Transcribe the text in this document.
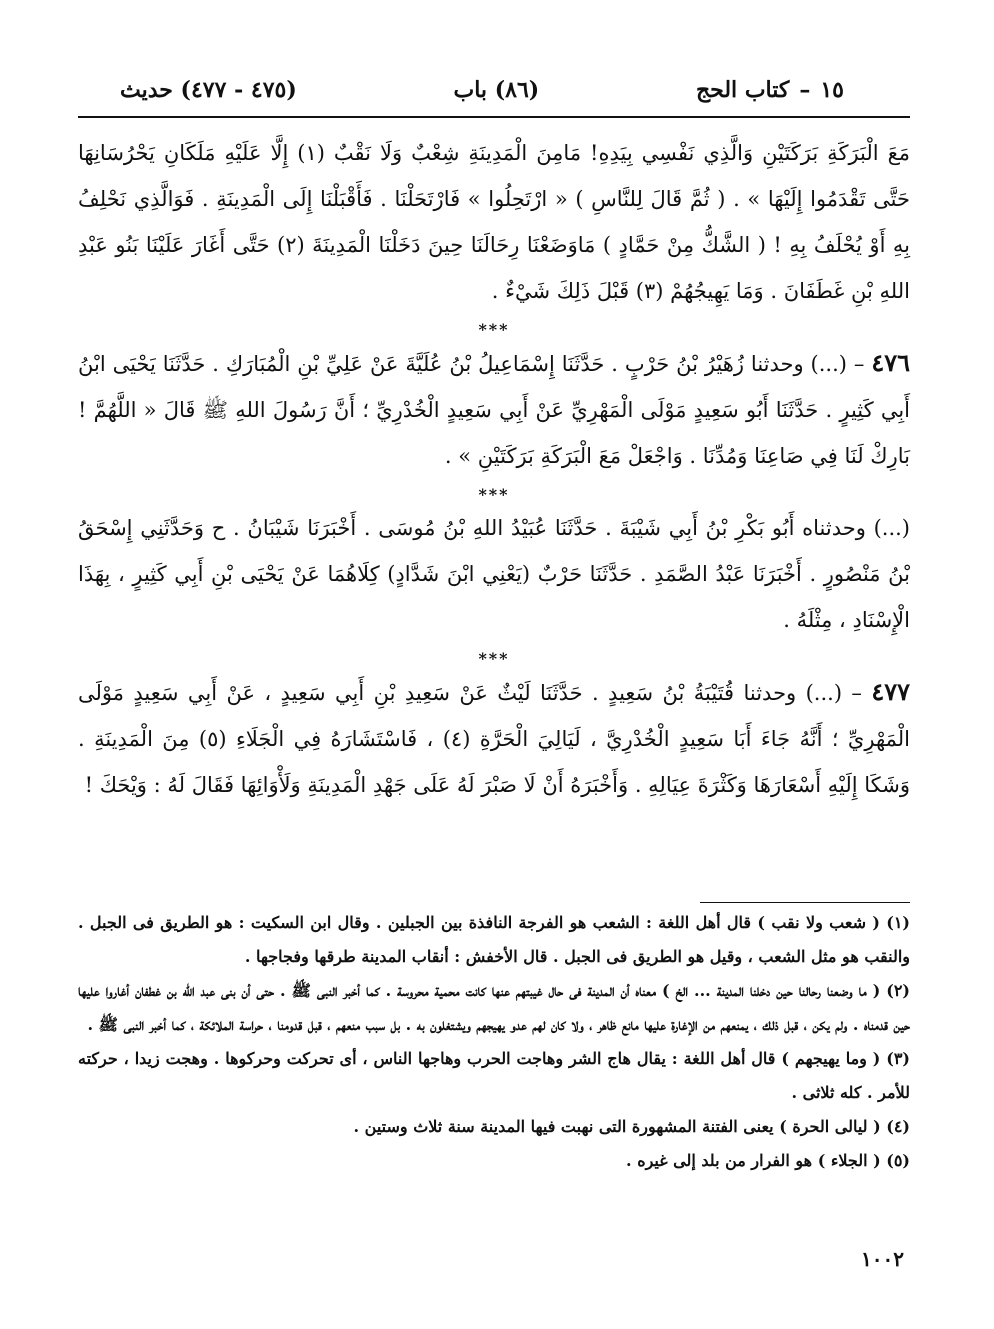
١٥
–
كتاب الحج
(٨٦) باب
(٤٧٥ - ٤٧٧) حديث

مَعَ الْبَرَكَةِ بَرَكَتَيْنِ وَالَّذِي نَفْسِي بِيَدِهِ! مَامِنَ الْمَدِينَةِ شِعْبٌ وَلَا نَقْبٌ (١) إِلَّا عَلَيْهِ مَلَكَانِ يَحْرُسَانِهَا حَتَّى تَقْدَمُوا إِلَيْهَا » . ( ثُمَّ قَالَ لِلنَّاسِ ) « ارْتَحِلُوا » فَارْتَحَلْنَا . فَأَقْبَلْنَا إِلَى الْمَدِينَةِ . فَوَالَّذِي نَحْلِفُ بِهِ أَوْ يُحْلَفُ بِهِ ! ( الشَّكُّ مِنْ حَمَّادٍ ) مَاوَضَعْنَا رِحَالَنَا حِينَ دَخَلْنَا الْمَدِينَةَ (٢) حَتَّى أَغَارَ عَلَيْنَا بَنُو عَبْدِ اللهِ بْنِ غَطَفَانَ . وَمَا يَهِيجُهُمْ (٣) قَبْلَ ذَلِكَ شَيْءٌ .

***

٤٧٦ – (...) وحدثنا زُهَيْرُ بْنُ حَرْبٍ . حَدَّثَنَا إِسْمَاعِيلُ بْنُ عُلَيَّةَ عَنْ عَلِيِّ بْنِ الْمُبَارَكِ . حَدَّثَنَا يَحْيَى ابْنُ أَبِي كَثِيرٍ . حَدَّثَنَا أَبُو سَعِيدٍ مَوْلَى الْمَهْرِيِّ عَنْ أَبِي سَعِيدٍ الْخُدْرِيِّ ؛ أَنَّ رَسُولَ اللهِ ﷺ قَالَ « اللَّهُمَّ ! بَارِكْ لَنَا فِي صَاعِنَا وَمُدِّنَا . وَاجْعَلْ مَعَ الْبَرَكَةِ بَرَكَتَيْنِ » .

***

(...) وحدثناه أَبُو بَكْرِ بْنُ أَبِي شَيْبَةَ . حَدَّثَنَا عُبَيْدُ اللهِ بْنُ مُوسَى . أَخْبَرَنَا شَيْبَانُ . ح وَحَدَّثَنِي إِسْحَقُ بْنُ مَنْصُورٍ . أَخْبَرَنَا عَبْدُ الصَّمَدِ . حَدَّثَنَا حَرْبٌ (يَعْنِي ابْنَ شَدَّادٍ) كِلَاهُمَا عَنْ يَحْيَى بْنِ أَبِي كَثِيرٍ ، بِهَذَا الْإِسْنَادِ ، مِثْلَهُ .

***

٤٧٧ – (...) وحدثنا قُتَيْبَةُ بْنُ سَعِيدٍ . حَدَّثَنَا لَيْثٌ عَنْ سَعِيدِ بْنِ أَبِي سَعِيدٍ ، عَنْ أَبِي سَعِيدٍ مَوْلَى الْمَهْرِيِّ ؛ أَنَّهُ جَاءَ أَبَا سَعِيدٍ الْخُدْرِيَّ ، لَيَالِيَ الْحَرَّةِ (٤) ، فَاسْتَشَارَهُ فِي الْجَلَاءِ (٥) مِنَ الْمَدِينَةِ . وَشَكَا إِلَيْهِ أَسْعَارَهَا وَكَثْرَةَ عِيَالِهِ . وَأَخْبَرَهُ أَنْ لَا صَبْرَ لَهُ عَلَى جَهْدِ الْمَدِينَةِ وَلَأْوَائِهَا فَقَالَ لَهُ : وَيْحَكَ !

(١) ( شعب ولا نقب ) قال أهل اللغة : الشعب هو الفرجة النافذة بين الجبلين . وقال ابن السكيت : هو الطريق فى الجبل . والنقب هو مثل الشعب ، وقيل هو الطريق فى الجبل . قال الأخفش : أنقاب المدينة طرقها وفجاجها .

(٢) ( ما وضعنا رحالنا حين دخلنا المدينة ... الخ ) معناه أن المدينة فى حال غيبتهم عنها كانت محمية محروسة . كما أخبر النبى ﷺ . حتى أن بنى عبد الله بن غطفان أغاروا عليها حين قدمناه . ولم يكن ، قبل ذلك ، يمنعهم من الإغارة عليها مانع ظاهر ، ولا كان لهم عدو يهيجهم ويشتغلون به . بل سبب منعهم ، قبل قدومنا ، حراسة الملائكة ، كما أخبر النبى ﷺ .

(٣) ( وما يهيجهم ) قال أهل اللغة : يقال هاج الشر وهاجت الحرب وهاجها الناس ، أى تحركت وحركوها . وهجت زيدا ، حركته للأمر . كله ثلاثى .

(٤) ( ليالى الحرة ) يعنى الفتنة المشهورة التى نهبت فيها المدينة سنة ثلاث وستين .

(٥) ( الجلاء ) هو الفرار من بلد إلى غيره .

١٠٠٢
